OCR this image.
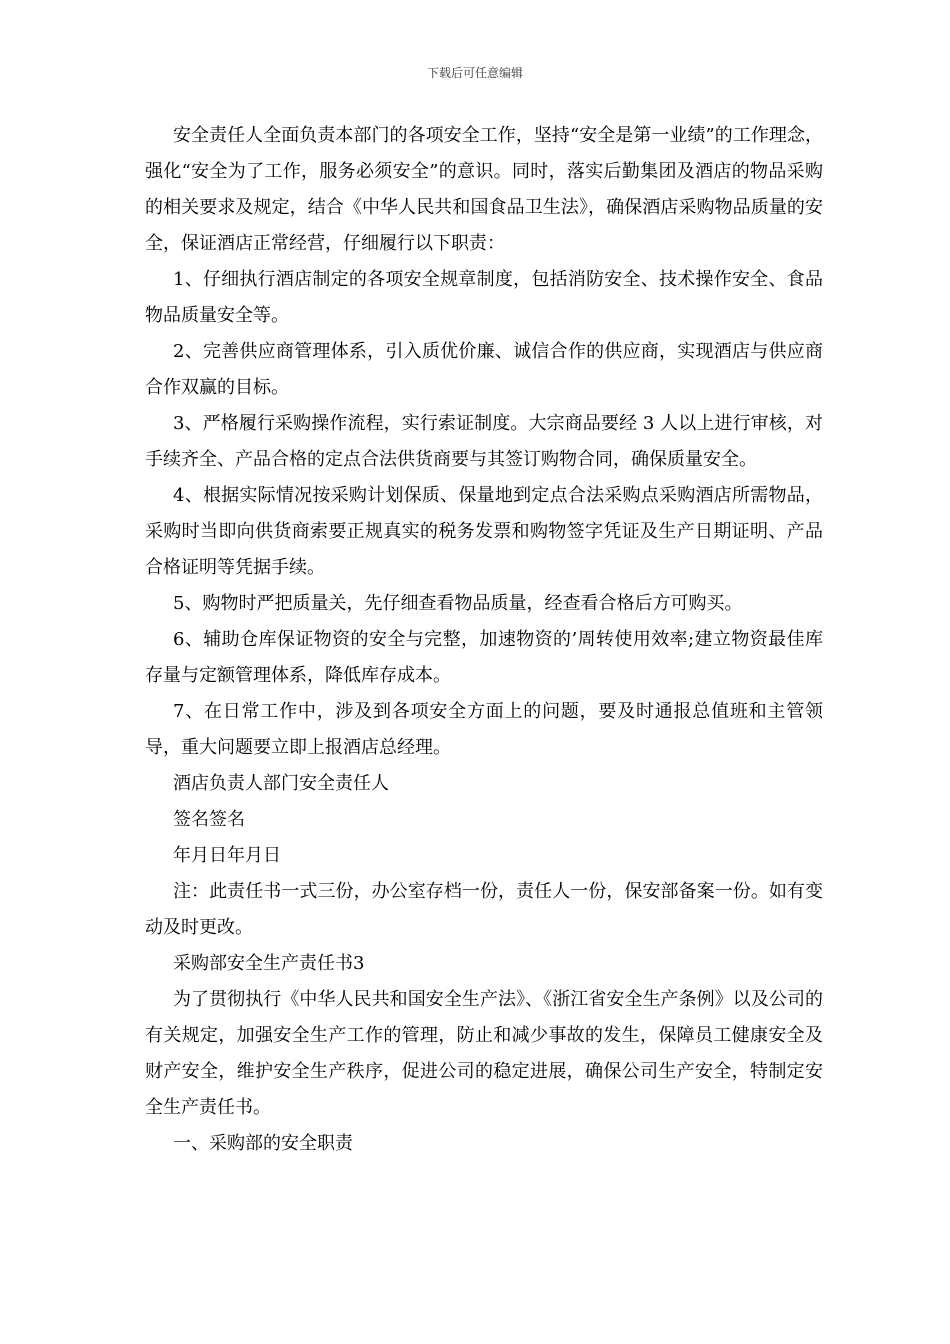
下载后可任意编辑

安全责任人全面负责本部门的各项安全工作，坚持“安全是第一业绩”的工作理念，强化“安全为了工作，服务必须安全”的意识。同时，落实后勤集团及酒店的物品采购的相关要求及规定，结合《中华人民共和国食品卫生法》，确保酒店采购物品质量的安全，保证酒店正常经营，仔细履行以下职责：

1、仔细执行酒店制定的各项安全规章制度，包括消防安全、技术操作安全、食品物品质量安全等。

2、完善供应商管理体系，引入质优价廉、诚信合作的供应商，实现酒店与供应商合作双赢的目标。

3、严格履行采购操作流程，实行索证制度。大宗商品要经 3 人以上进行审核，对手续齐全、产品合格的定点合法供货商要与其签订购物合同，确保质量安全。

4、根据实际情况按采购计划保质、保量地到定点合法采购点采购酒店所需物品，采购时当即向供货商索要正规真实的税务发票和购物签字凭证及生产日期证明、产品合格证明等凭据手续。

5、购物时严把质量关，先仔细查看物品质量，经查看合格后方可购买。

6、辅助仓库保证物资的安全与完整，加速物资的’周转使用效率;建立物资最佳库存量与定额管理体系，降低库存成本。

7、在日常工作中，涉及到各项安全方面上的问题，要及时通报总值班和主管领导，重大问题要立即上报酒店总经理。

酒店负责人部门安全责任人

签名签名

年月日年月日

注：此责任书一式三份，办公室存档一份，责任人一份，保安部备案一份。如有变动及时更改。

采购部安全生产责任书3

为了贯彻执行《中华人民共和国安全生产法》、《浙江省安全生产条例》以及公司的有关规定，加强安全生产工作的管理，防止和减少事故的发生，保障员工健康安全及财产安全，维护安全生产秩序，促进公司的稳定进展，确保公司生产安全，特制定安全生产责任书。

一、采购部的安全职责
